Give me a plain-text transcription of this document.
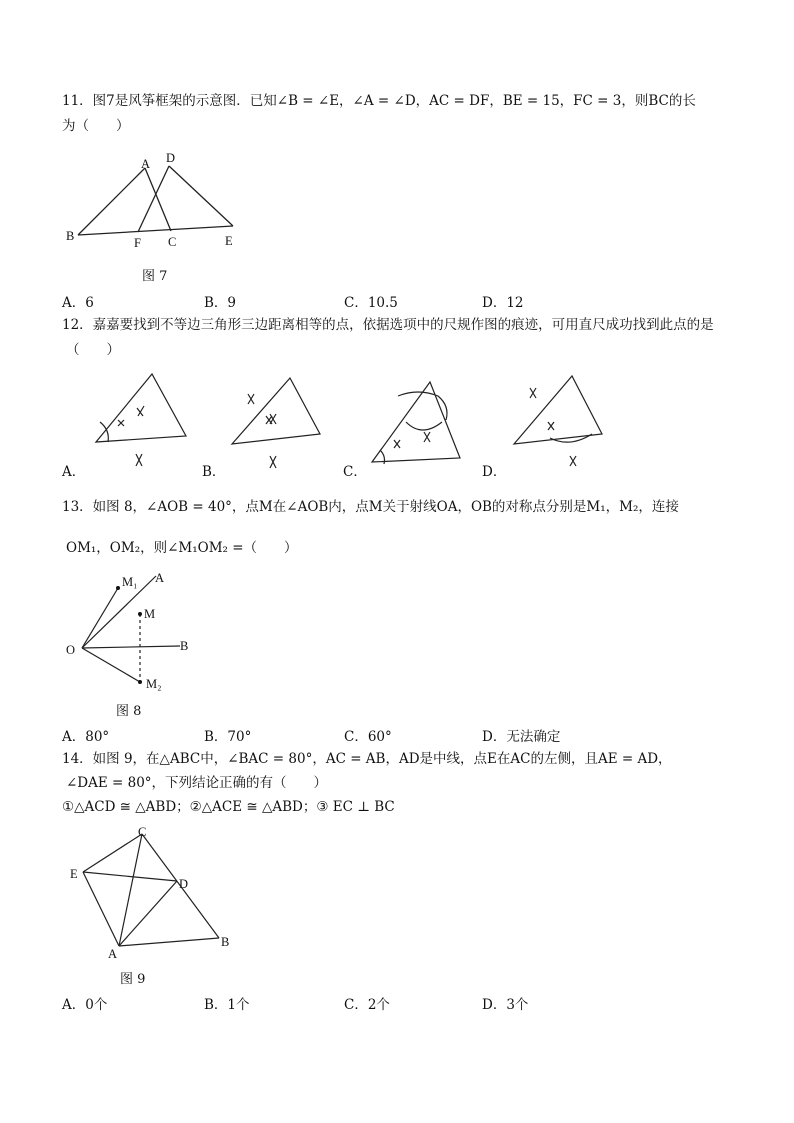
11．图7是风筝框架的示意图．已知∠B = ∠E，∠A = ∠D，AC = DF，BE = 15，FC = 3，则BC的长
为（　　）
A D
B	F C	E
图 7
A．6	B．9	C．10.5	D．12
12．嘉嘉要找到不等边三角形三边距离相等的点，依据选项中的尺规作图的痕迹，可用直尺成功找到此点的是
（　　）
A．	B．	C．	D．
13．如图 8，∠AOB = 40°，点M在∠AOB内，点M关于射线OA，OB的对称点分别是M₁，M₂，连接
OM₁，OM₂，则∠M₁OM₂ =（　　）
M₁ A
M
O	B
M₂
图 8
A．80°	B．70°	C．60°	D．无法确定
14．如图 9，在△ABC中，∠BAC = 80°，AC = AB，AD是中线，点E在AC的左侧，且AE = AD，
∠DAE = 80°，下列结论正确的有（　　）
①△ACD ≅ △ABD；②△ACE ≅ △ABD；③ EC ⊥ BC
C
E
D
A
B
图 9
A．0个	B．1个	C．2个	D．3个
